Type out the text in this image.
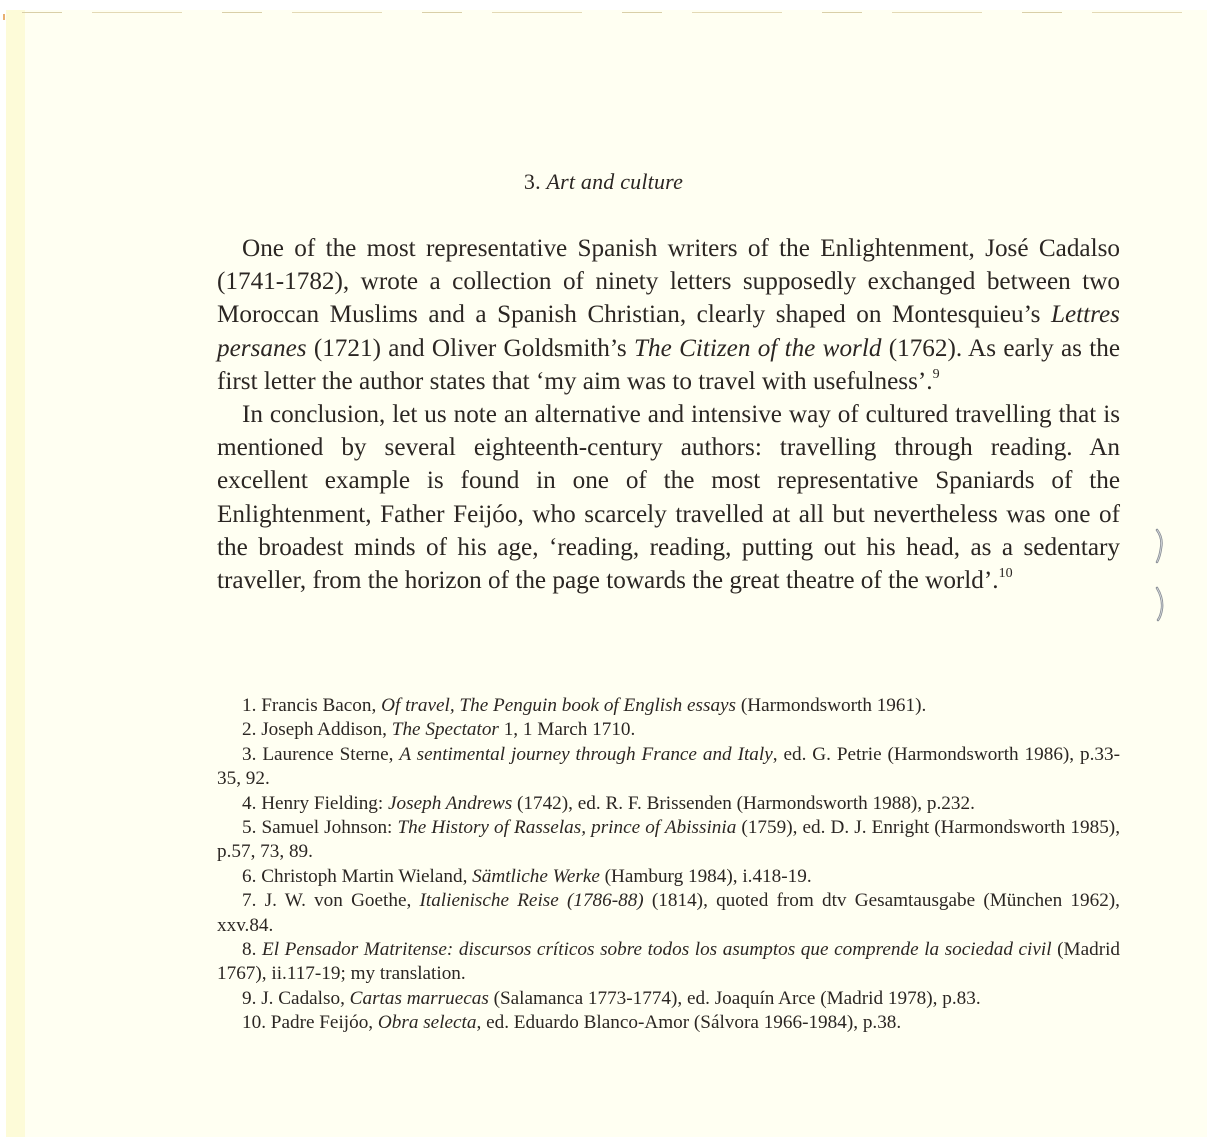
3. Art and culture

One of the most representative Spanish writers of the Enlightenment, José Cadalso (1741-1782), wrote a collection of ninety letters supposedly exchanged between two Moroccan Muslims and a Spanish Christian, clearly shaped on Montesquieu’s Lettres persanes (1721) and Oliver Goldsmith’s The Citizen of the world (1762). As early as the first letter the author states that ‘my aim was to travel with usefulness’.$^9$

In conclusion, let us note an alternative and intensive way of cultured travelling that is mentioned by several eighteenth-century authors: travelling through reading. An excellent example is found in one of the most representative Spaniards of the Enlightenment, Father Feijóo, who scarcely travelled at all but nevertheless was one of the broadest minds of his age, ‘reading, reading, putting out his head, as a sedentary traveller, from the horizon of the page towards the great theatre of the world’.$^{10}$

1. Francis Bacon, Of travel, The Penguin book of English essays (Harmondsworth 1961).

2. Joseph Addison, The Spectator 1, 1 March 1710.

3. Laurence Sterne, A sentimental journey through France and Italy, ed. G. Petrie (Harmondsworth 1986), p.33-35, 92.

4. Henry Fielding: Joseph Andrews (1742), ed. R. F. Brissenden (Harmondsworth 1988), p.232.

5. Samuel Johnson: The History of Rasselas, prince of Abissinia (1759), ed. D. J. Enright (Harmondsworth 1985), p.57, 73, 89.

6. Christoph Martin Wieland, Sämtliche Werke (Hamburg 1984), i.418-19.

7. J. W. von Goethe, Italienische Reise (1786-88) (1814), quoted from dtv Gesamtausgabe (München 1962), xxv.84.

8. El Pensador Matritense: discursos críticos sobre todos los asumptos que comprende la sociedad civil (Madrid 1767), ii.117-19; my translation.

9. J. Cadalso, Cartas marruecas (Salamanca 1773-1774), ed. Joaquín Arce (Madrid 1978), p.83.

10. Padre Feijóo, Obra selecta, ed. Eduardo Blanco-Amor (Sálvora 1966-1984), p.38.
